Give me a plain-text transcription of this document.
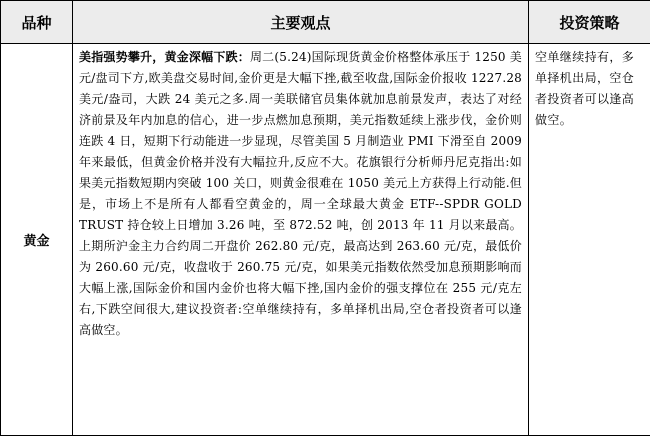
品种	主要观点	投资策略
黄金	美指强势攀升，黄金深幅下跌：周二(5.24)国际现货黄金价格整体承压于 1250 美元/盘司下方,欧美盘交易时间,金价更是大幅下挫,截至收盘,国际金价报收 1227.28 美元/盎司，大跌 24 美元之多.周一美联储官员集体就加息前景发声，表达了对经济前景及年内加息的信心，进一步点燃加息预期，美元指数延续上涨步伐，金价则连跌 4 日，短期下行动能进一步显现，尽管美国 5 月制造业 PMI 下滑至自 2009 年来最低，但黄金价格并没有大幅拉升,反应不大。花旗银行分析师丹尼克指出:如果美元指数短期内突破 100 关口，则黄金很难在 1050 美元上方获得上行动能.但是，市场上不是所有人都看空黄金的，周一全球最大黄金 ETF--SPDR GOLD TRUST 持仓较上日增加 3.26 吨，至 872.52 吨，创 2013 年 11 月以来最高。上期所沪金主力合约周二开盘价 262.80 元/克，最高达到 263.60 元/克，最低价为 260.60 元/克，收盘收于 260.75 元/克，如果美元指数依然受加息预期影响而大幅上涨,国际金价和国内金价也将大幅下挫,国内金价的强支撑位在 255 元/克左右,下跌空间很大,建议投资者:空单继续持有，多单择机出局,空仓者投资者可以逢高做空。	空单继续持有，多单择机出局，空仓者投资者可以逢高做空。
